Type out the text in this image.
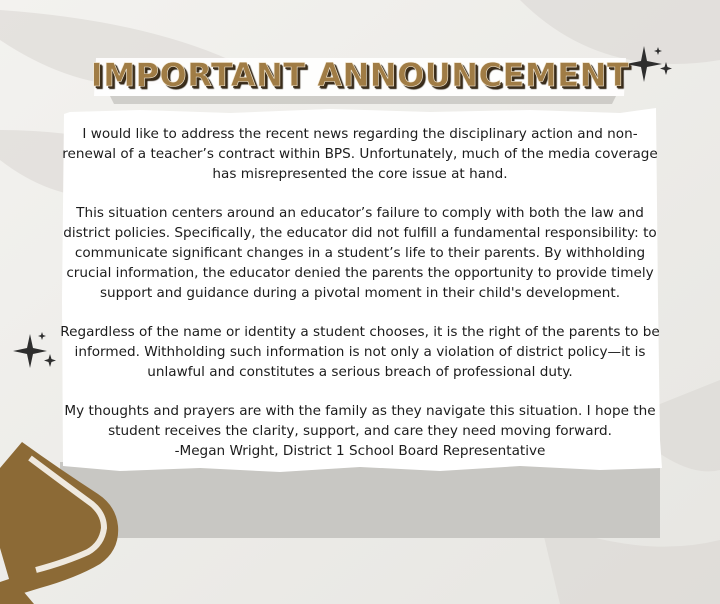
IMPORTANT ANNOUNCEMENT

I would like to address the recent news regarding the disciplinary action and non-renewal of a teacher’s contract within BPS. Unfortunately, much of the media coverage has misrepresented the core issue at hand.

This situation centers around an educator’s failure to comply with both the law and district policies. Specifically, the educator did not fulfill a fundamental responsibility: to communicate significant changes in a student’s life to their parents. By withholding crucial information, the educator denied the parents the opportunity to provide timely support and guidance during a pivotal moment in their child's development.

Regardless of the name or identity a student chooses, it is the right of the parents to be informed. Withholding such information is not only a violation of district policy—it is unlawful and constitutes a serious breach of professional duty.

My thoughts and prayers are with the family as they navigate this situation. I hope the student receives the clarity, support, and care they need moving forward.
-Megan Wright, District 1 School Board Representative
